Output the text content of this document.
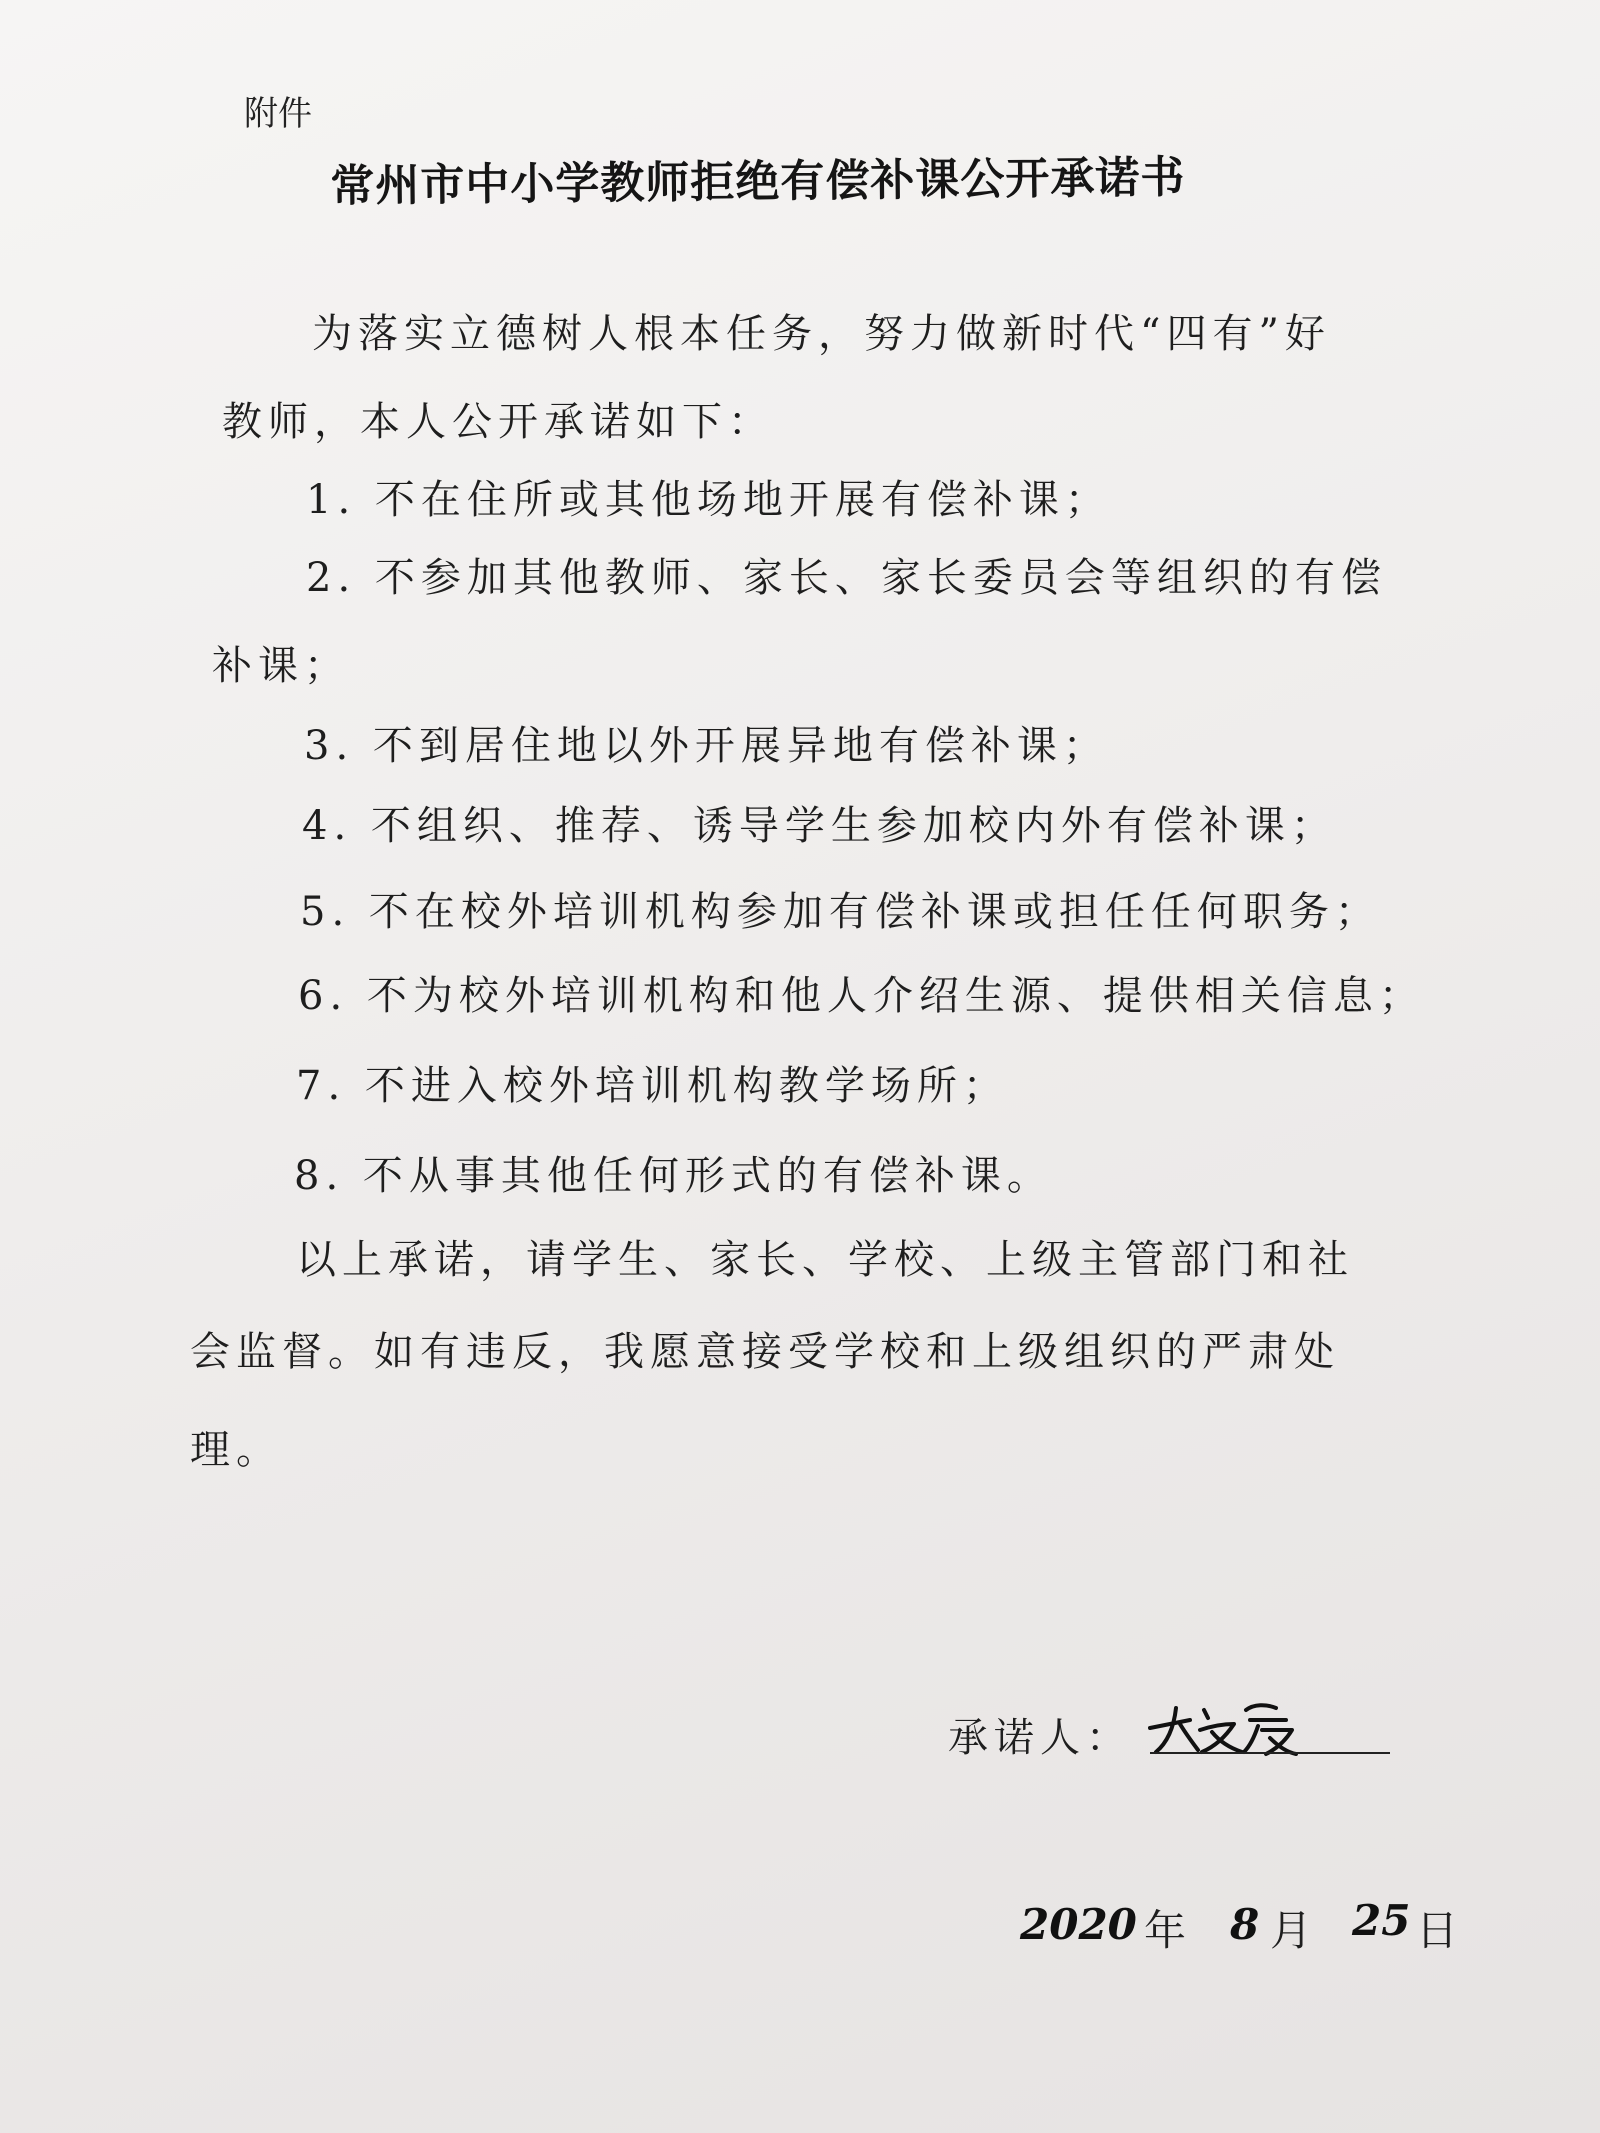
附件
常州市中小学教师拒绝有偿补课公开承诺书
为落实立德树人根本任务，努力做新时代“四有”好
教师，本人公开承诺如下：
1. 不在住所或其他场地开展有偿补课；
2. 不参加其他教师、家长、家长委员会等组织的有偿
补课；
3. 不到居住地以外开展异地有偿补课；
4. 不组织、推荐、诱导学生参加校内外有偿补课；
5. 不在校外培训机构参加有偿补课或担任任何职务；
6. 不为校外培训机构和他人介绍生源、提供相关信息；
7. 不进入校外培训机构教学场所；
8. 不从事其他任何形式的有偿补课。
以上承诺，请学生、家长、学校、上级主管部门和社
会监督。如有违反，我愿意接受学校和上级组织的严肃处
理。
承诺人：
2020 年 8 月 25 日
